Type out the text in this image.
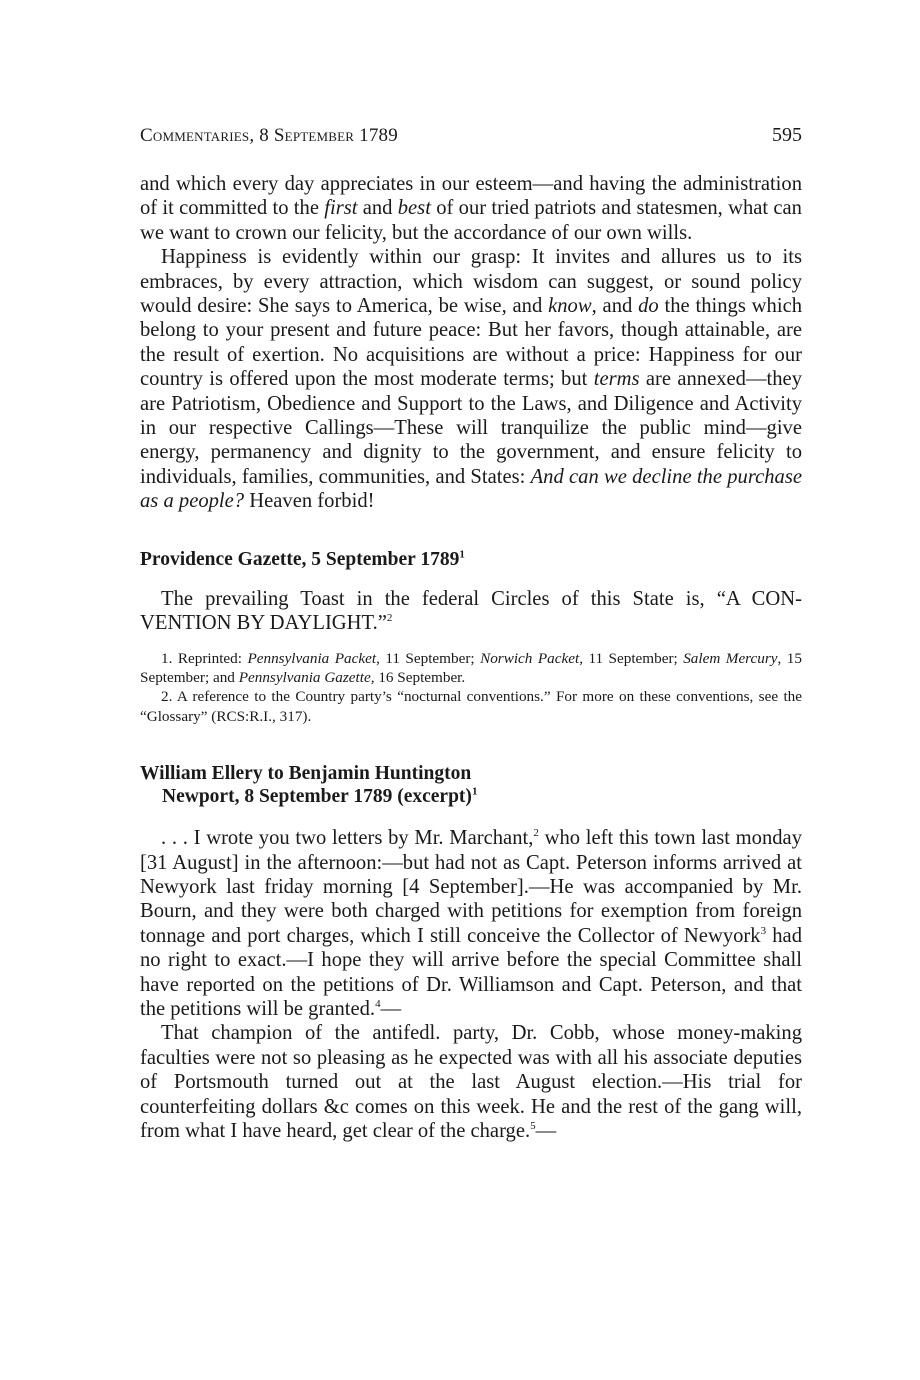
Commentaries, 8 September 1789	595

and which every day appreciates in our esteem—and having the administration of it committed to the first and best of our tried patriots and statesmen, what can we want to crown our felicity, but the accordance of our own wills.

Happiness is evidently within our grasp: It invites and allures us to its embraces, by every attraction, which wisdom can suggest, or sound policy would desire: She says to America, be wise, and know, and do the things which belong to your present and future peace: But her favors, though attainable, are the result of exertion. No acquisitions are without a price: Happiness for our country is offered upon the most moderate terms; but terms are annexed—they are Patriotism, Obedience and Support to the Laws, and Diligence and Activity in our respective Callings—These will tranquilize the public mind—give energy, permanency and dignity to the government, and ensure felicity to individuals, families, communities, and States: And can we decline the purchase as a people? Heaven forbid!

Providence Gazette, 5 September 1789$^1$

The prevailing Toast in the federal Circles of this State is, “A CONVENTION BY DAYLIGHT.”$^2$

1. Reprinted: Pennsylvania Packet, 11 September; Norwich Packet, 11 September; Salem Mercury, 15 September; and Pennsylvania Gazette, 16 September.

2. A reference to the Country party’s “nocturnal conventions.” For more on these conventions, see the “Glossary” (RCS:R.I., 317).

William Ellery to Benjamin Huntington

Newport, 8 September 1789 (excerpt)$^1$

. . . I wrote you two letters by Mr. Marchant,$^2$ who left this town last monday [31 August] in the afternoon:—but had not as Capt. Peterson informs arrived at Newyork last friday morning [4 September].—He was accompanied by Mr. Bourn, and they were both charged with petitions for exemption from foreign tonnage and port charges, which I still conceive the Collector of Newyork$^3$ had no right to exact.—I hope they will arrive before the special Committee shall have reported on the petitions of Dr. Williamson and Capt. Peterson, and that the petitions will be granted.$^4$—

That champion of the antifedl. party, Dr. Cobb, whose money-making faculties were not so pleasing as he expected was with all his associate deputies of Portsmouth turned out at the last August election.—His trial for counterfeiting dollars &c comes on this week. He and the rest of the gang will, from what I have heard, get clear of the charge.$^5$—
